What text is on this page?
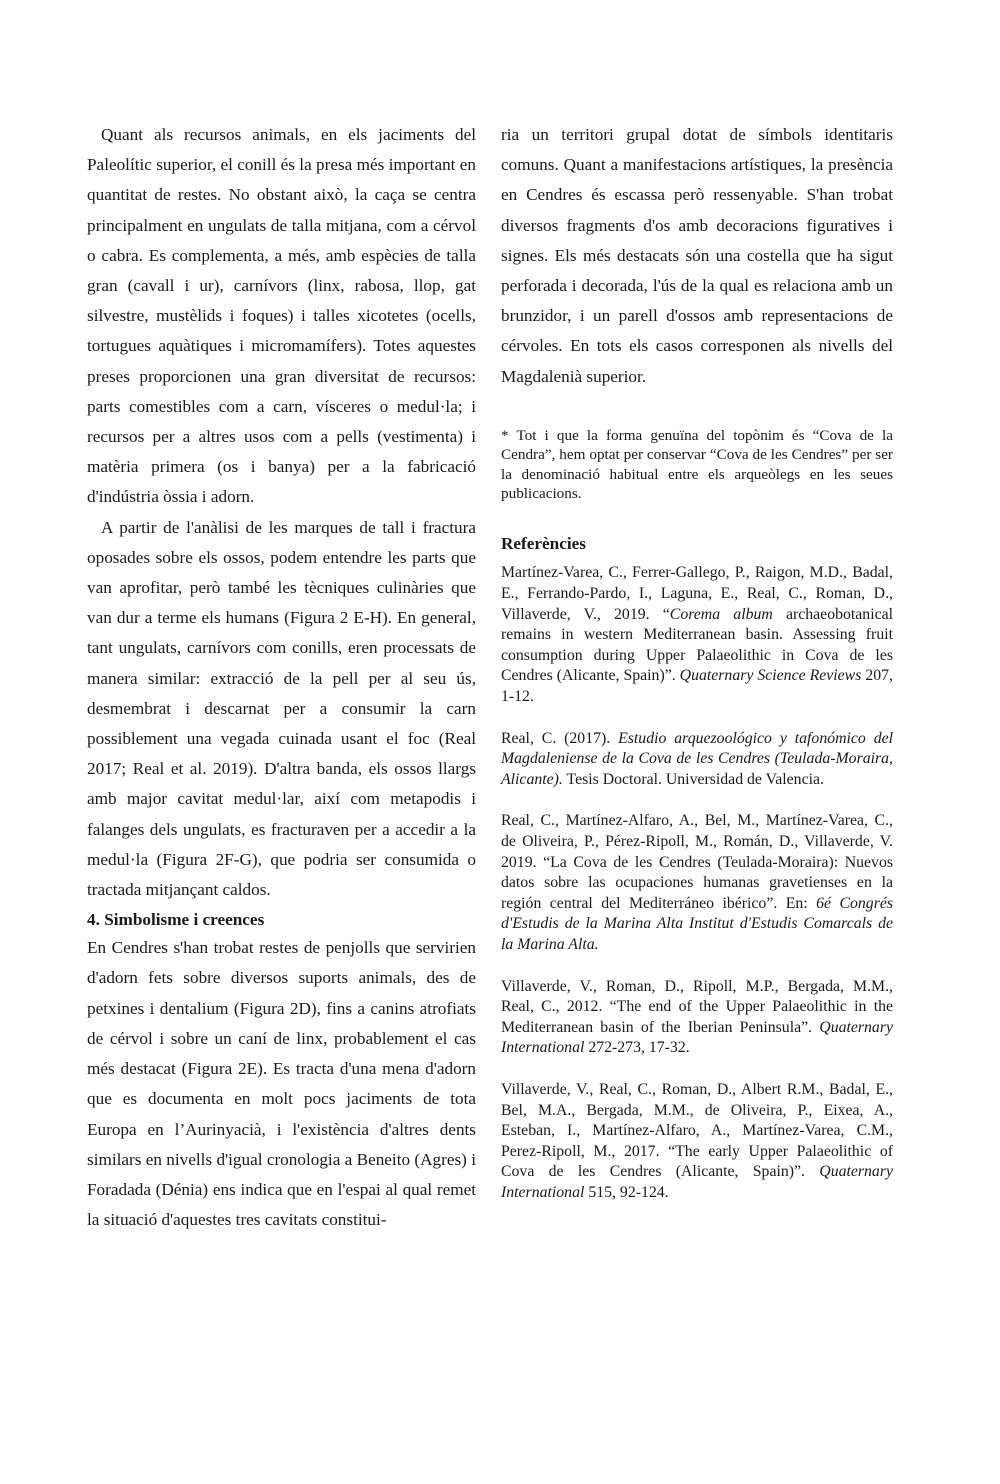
Quant als recursos animals, en els jaciments del Paleolític superior, el conill és la presa més important en quantitat de restes. No obstant això, la caça se centra principalment en ungulats de talla mitjana, com a cérvol o cabra. Es complementa, a més, amb espècies de talla gran (cavall i ur), carnívors (linx, rabosa, llop, gat silvestre, mustèlids i foques) i talles xicotetes (ocells, tortugues aquàtiques i micromamífers). Totes aquestes preses proporcionen una gran diversitat de recursos: parts comestibles com a carn, vísceres o medul·la; i recursos per a altres usos com a pells (vestimenta) i matèria primera (os i banya) per a la fabricació d'indústria òssia i adorn.

A partir de l'anàlisi de les marques de tall i fractura oposades sobre els ossos, podem entendre les parts que van aprofitar, però també les tècniques culinàries que van dur a terme els humans (Figura 2 E-H). En general, tant ungulats, carnívors com conills, eren processats de manera similar: extracció de la pell per al seu ús, desmembrat i descarnat per a consumir la carn possiblement una vegada cuinada usant el foc (Real 2017; Real et al. 2019). D'altra banda, els ossos llargs amb major cavitat medul·lar, així com metapodis i falanges dels ungulats, es fracturaven per a accedir a la medul·la (Figura 2F-G), que podria ser consumida o tractada mitjançant caldos.

4. Simbolisme i creences

En Cendres s'han trobat restes de penjolls que servirien d'adorn fets sobre diversos suports animals, des de petxines i dentalium (Figura 2D), fins a canins atrofiats de cérvol i sobre un caní de linx, probablement el cas més destacat (Figura 2E). Es tracta d'una mena d'adorn que es documenta en molt pocs jaciments de tota Europa en l’Aurinyacià, i l'existència d'altres dents similars en nivells d'igual cronologia a Beneito (Agres) i Foradada (Dénia) ens indica que en l'espai al qual remet la situació d'aquestes tres cavitats constitui-

ria un territori grupal dotat de símbols identitaris comuns. Quant a manifestacions artístiques, la presència en Cendres és escassa però ressenyable. S'han trobat diversos fragments d'os amb decoracions figuratives i signes. Els més destacats són una costella que ha sigut perforada i decorada, l'ús de la qual es relaciona amb un brunzidor, i un parell d'ossos amb representacions de cérvoles. En tots els casos corresponen als nivells del Magdalenià superior.

* Tot i que la forma genuïna del topònim és “Cova de la Cendra”, hem optat per conservar “Cova de les Cendres” per ser la denominació habitual entre els arqueòlegs en les seues publicacions.

Referències

Martínez-Varea, C., Ferrer-Gallego, P., Raigon, M.D., Badal, E., Ferrando-Pardo, I., Laguna, E., Real, C., Roman, D., Villaverde, V., 2019. “Corema album archaeobotanical remains in western Mediterranean basin. Assessing fruit consumption during Upper Palaeolithic in Cova de les Cendres (Alicante, Spain)”. Quaternary Science Reviews 207, 1-12.

Real, C. (2017). Estudio arquezoológico y tafonómico del Magdaleniense de la Cova de les Cendres (Teulada-Moraira, Alicante). Tesis Doctoral. Universidad de Valencia.

Real, C., Martínez-Alfaro, A., Bel, M., Martínez-Varea, C., de Oliveira, P., Pérez-Ripoll, M., Román, D., Villaverde, V. 2019. “La Cova de les Cendres (Teulada-Moraira): Nuevos datos sobre las ocupaciones humanas gravetienses en la región central del Mediterráneo ibérico”. En: 6é Congrés d'Estudis de la Marina Alta Institut d'Estudis Comarcals de la Marina Alta.

Villaverde, V., Roman, D., Ripoll, M.P., Bergada, M.M., Real, C., 2012. “The end of the Upper Palaeolithic in the Mediterranean basin of the Iberian Peninsula”. Quaternary International 272-273, 17-32.

Villaverde, V., Real, C., Roman, D., Albert R.M., Badal, E., Bel, M.A., Bergada, M.M., de Oliveira, P., Eixea, A., Esteban, I., Martínez-Alfaro, A., Martínez-Varea, C.M., Perez-Ripoll, M., 2017. “The early Upper Palaeolithic of Cova de les Cendres (Alicante, Spain)”. Quaternary International 515, 92-124.
